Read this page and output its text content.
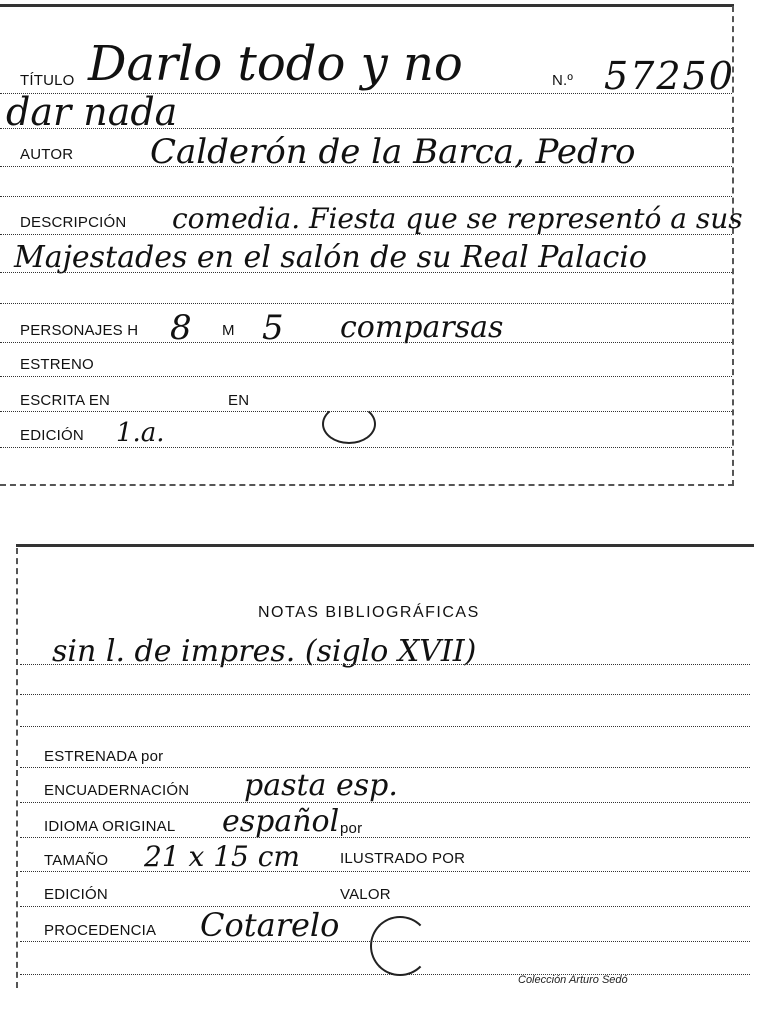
TÍTULO Darlo todo y no	N.º 57250
dar nada
AUTOR Calderón de la Barca, Pedro
DESCRIPCIÓN comedia. Fiesta que se representó a sus
Majestades en el salón de su Real Palacio
PERSONAJES H 8 M 5 comparsas
ESTRENO
ESCRITA EN	EN
EDICIÓN 1.a.
NOTAS BIBLIOGRÁFICAS
sin l. de impres. (siglo XVII)
ESTRENADA por
ENCUADERNACIÓN pasta esp.
IDIOMA ORIGINAL español por
TAMAÑO 21 x 15 cm	ILUSTRADO POR
EDICIÓN	VALOR
PROCEDENCIA Cotarelo
Colección Arturo Sedó
